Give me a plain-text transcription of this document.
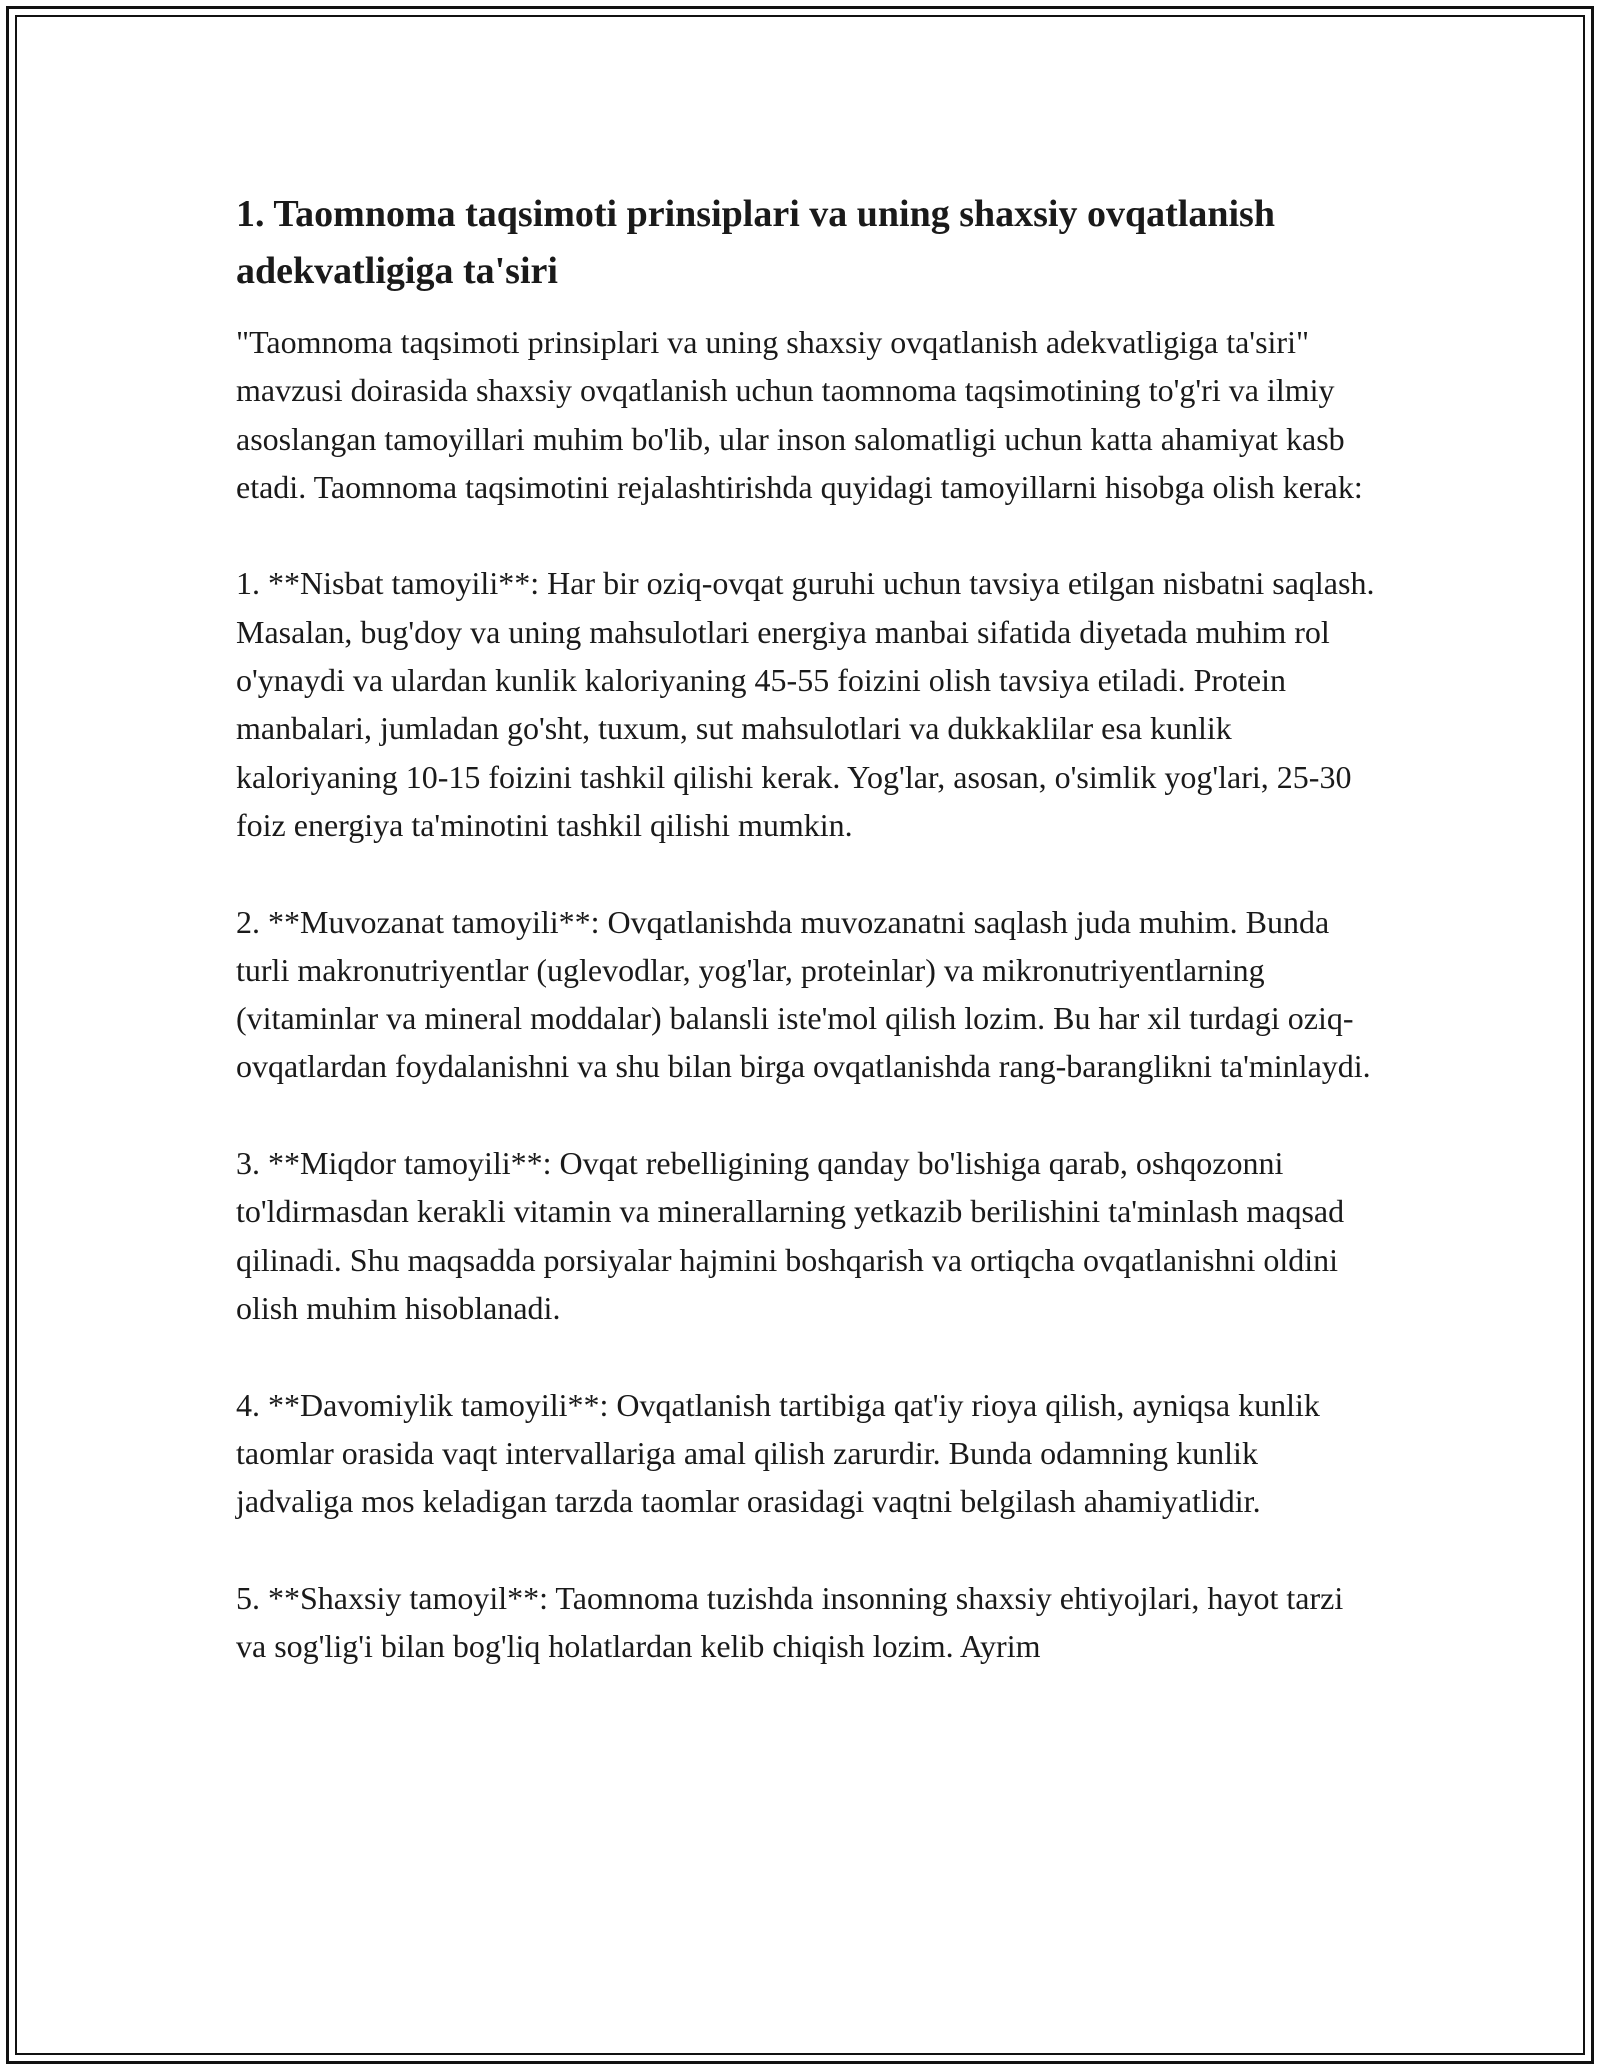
1. Taomnoma taqsimoti prinsiplari va uning shaxsiy ovqatlanish adekvatligiga ta'siri

"Taomnoma taqsimoti prinsiplari va uning shaxsiy ovqatlanish adekvatligiga ta'siri" mavzusi doirasida shaxsiy ovqatlanish uchun taomnoma taqsimotining to'g'ri va ilmiy asoslangan tamoyillari muhim bo'lib, ular inson salomatligi uchun katta ahamiyat kasb etadi. Taomnoma taqsimotini rejalashtirishda quyidagi tamoyillarni hisobga olish kerak:

1. **Nisbat tamoyili**: Har bir oziq-ovqat guruhi uchun tavsiya etilgan nisbatni saqlash. Masalan, bug'doy va uning mahsulotlari energiya manbai sifatida diyetada muhim rol o'ynaydi va ulardan kunlik kaloriyaning 45-55 foizini olish tavsiya etiladi. Protein manbalari, jumladan go'sht, tuxum, sut mahsulotlari va dukkaklilar esa kunlik kaloriyaning 10-15 foizini tashkil qilishi kerak. Yog'lar, asosan, o'simlik yog'lari, 25-30 foiz energiya ta'minotini tashkil qilishi mumkin.

2. **Muvozanat tamoyili**: Ovqatlanishda muvozanatni saqlash juda muhim. Bunda turli makronutriyentlar (uglevodlar, yog'lar, proteinlar) va mikronutriyentlarning (vitaminlar va mineral moddalar) balansli iste'mol qilish lozim. Bu har xil turdagi oziq-ovqatlardan foydalanishni va shu bilan birga ovqatlanishda rang-baranglikni ta'minlaydi.

3. **Miqdor tamoyili**: Ovqat rebelligining qanday bo'lishiga qarab, oshqozonni to'ldirmasdan kerakli vitamin va minerallarning yetkazib berilishini ta'minlash maqsad qilinadi. Shu maqsadda porsiyalar hajmini boshqarish va ortiqcha ovqatlanishni oldini olish muhim hisoblanadi.

4. **Davomiylik tamoyili**: Ovqatlanish tartibiga qat'iy rioya qilish, ayniqsa kunlik taomlar orasida vaqt intervallariga amal qilish zarurdir. Bunda odamning kunlik jadvaliga mos keladigan tarzda taomlar orasidagi vaqtni belgilash ahamiyatlidir.

5. **Shaxsiy tamoyil**: Taomnoma tuzishda insonning shaxsiy ehtiyojlari, hayot tarzi va sog'lig'i bilan bog'liq holatlardan kelib chiqish lozim. Ayrim
